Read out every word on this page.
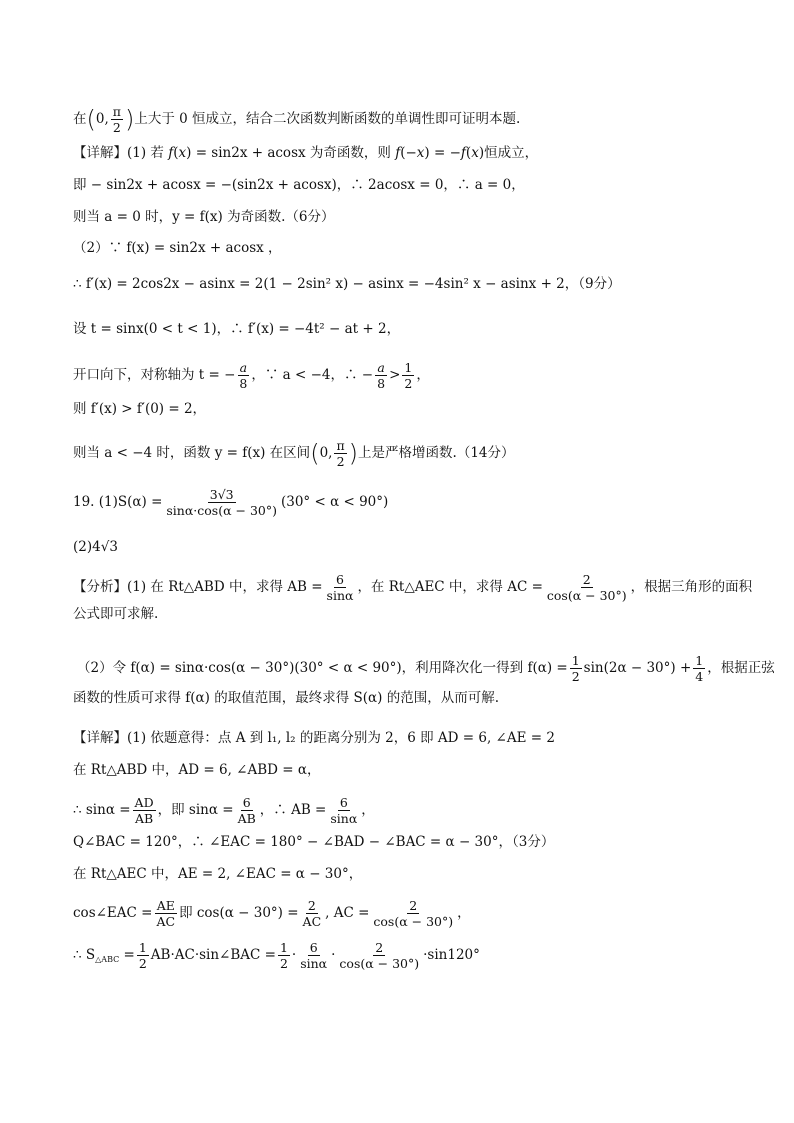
在(0, $\frac{\pi}{2}$ )上大于 0 恒成立，结合二次函数判断函数的单调性即可证明本题.
【详解】(1) 若 f(x) = sin2x + acosx 为奇函数，则 f(−x) = −f(x)恒成立，
即 − sin2x + acosx = −(sin2x + acosx)，∴ 2acosx = 0，∴ a = 0，
则当 a = 0 时，y = f(x) 为奇函数.（6分）
（2）∵ f(x) = sin2x + acosx ，
∴ f′(x) = 2cos2x − asinx = 2(1 − 2sin² x) − asinx = −4sin² x − asinx + 2，（9分）
设 t = sinx(0 < t < 1)，∴ f′(x) = −4t² − at + 2，
开口向下，对称轴为 t = − $\frac{a}{8}$ ，∵ a < −4，∴ − $\frac{a}{8} > \frac{1}{2}$ ，
则 f′(x) > f′(0) = 2，
则当 a < −4 时，函数 y = f(x) 在区间(0, $\frac{\pi}{2}$ )上是严格增函数.（14分）
19. $(1)S(\alpha) = \frac{3√3}{\sin\alpha\cdot\cos(\alpha - 30^\circ)} (30^\circ < \alpha < 90^\circ)$
(2)4√3
【分析】(1) 在 Rt△ABD 中，求得 AB = $\frac{6}{\sin\alpha}$ ，在 Rt△AEC 中，求得 AC = $\frac{2}{\cos(\alpha - 30^\circ)}$ ，根据三角形的面积
公式即可求解.
（2）令 f(α) = sinα·cos(α − 30°)(30° < α < 90°)，利用降次化一得到 $f(\alpha) = \frac{1}{2} \sin(2\alpha - 30^\circ) + \frac{1}{4}$ ，根据正弦
函数的性质可求得 f(α) 的取值范围，最终求得 S(α) 的范围，从而可解.
【详解】(1) 依题意得：点 A 到 l₁, l₂ 的距离分别为 2，6 即 AD = 6, ∠AE = 2
在 Rt△ABD 中，AD = 6, ∠ABD = α，
∴ $\sin\alpha = \frac{AD}{AB}$ ，即 $\sin\alpha = \frac{6}{AB}$ ，∴ AB = $\frac{6}{\sin\alpha}$ ，
Q∠BAC = 120°，∴ ∠EAC = 180° − ∠BAD − ∠BAC = α − 30°，（3分）
在 Rt△AEC 中，AE = 2, ∠EAC = α − 30°，
cos∠EAC = $\frac{AE}{AC}$ 即 $\cos(\alpha - 30^\circ) = \frac{2}{AC}$ , AC = $\frac{2}{\cos(\alpha - 30^\circ)}$ ，
∴ $S_{\triangle ABC} = \frac{1}{2}$ AB·AC·sin∠BAC = $\frac{1}{2} \cdot \frac{6}{\sin\alpha} \cdot \frac{2}{\cos(\alpha - 30^\circ)} \cdot\sin 120^\circ$
